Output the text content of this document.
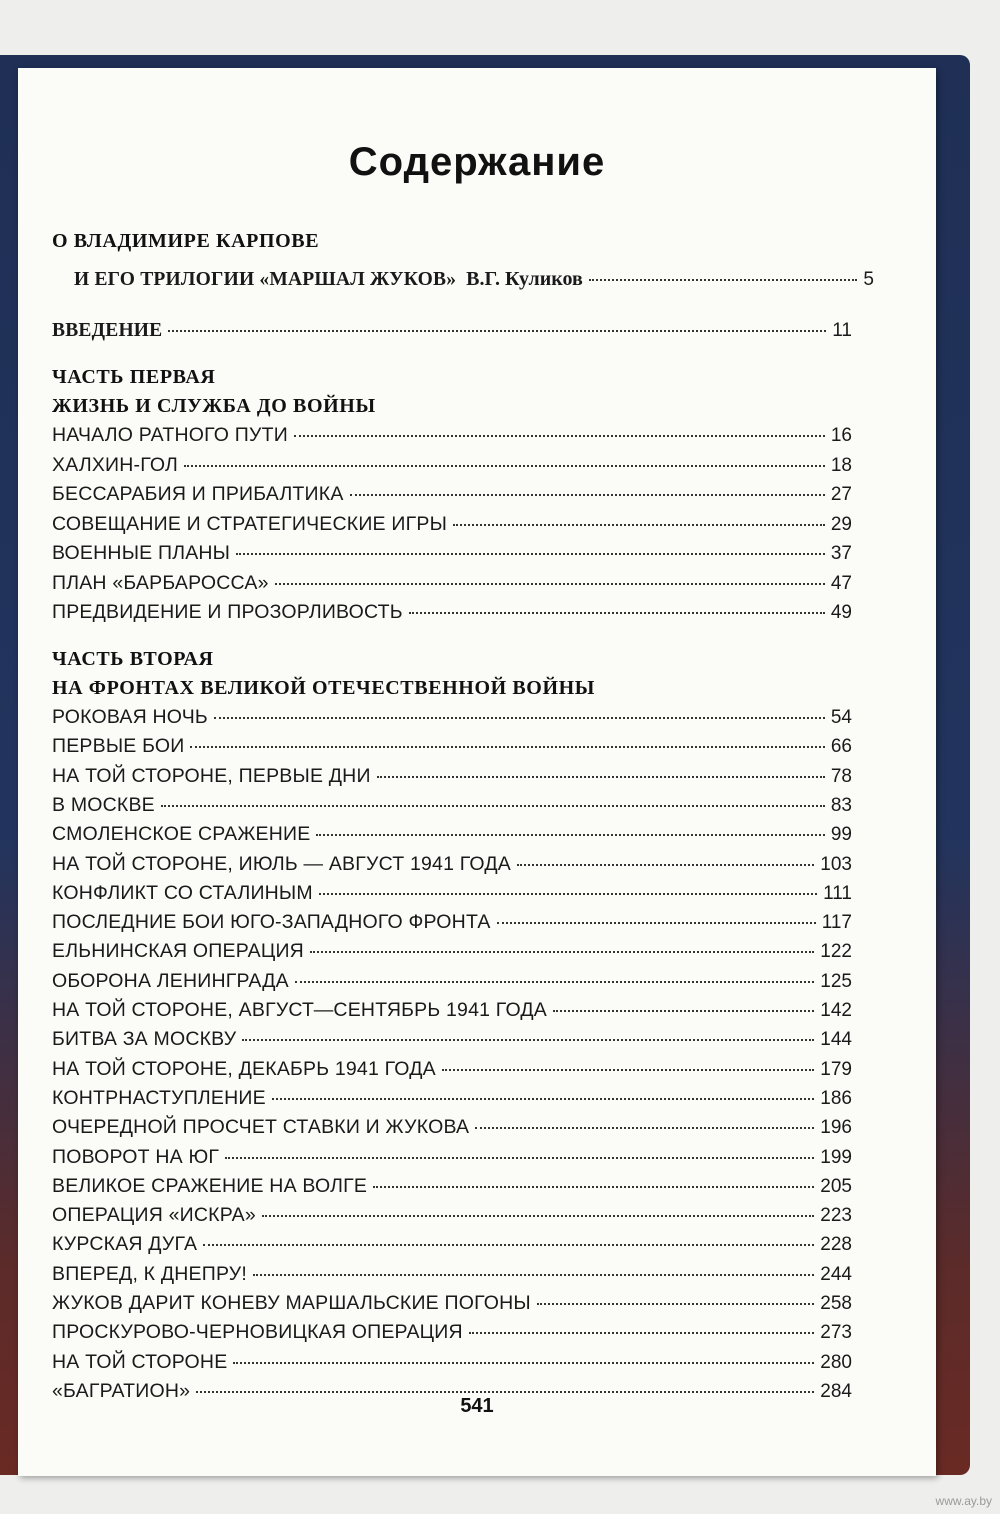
Содержание
О ВЛАДИМИРЕ КАРПОВЕ
И ЕГО ТРИЛОГИИ «МАРШАЛ ЖУКОВ» В.Г. Куликов	5
ВВЕДЕНИЕ	11
ЧАСТЬ ПЕРВАЯ
ЖИЗНЬ И СЛУЖБА ДО ВОЙНЫ
НАЧАЛО РАТНОГО ПУТИ	16
ХАЛХИН-ГОЛ	18
БЕССАРАБИЯ И ПРИБАЛТИКА	27
СОВЕЩАНИЕ И СТРАТЕГИЧЕСКИЕ ИГРЫ	29
ВОЕННЫЕ ПЛАНЫ	37
ПЛАН «БАРБАРОССА»	47
ПРЕДВИДЕНИЕ И ПРОЗОРЛИВОСТЬ	49
ЧАСТЬ ВТОРАЯ
НА ФРОНТАХ ВЕЛИКОЙ ОТЕЧЕСТВЕННОЙ ВОЙНЫ
РОКОВАЯ НОЧЬ	54
ПЕРВЫЕ БОИ	66
НА ТОЙ СТОРОНЕ, ПЕРВЫЕ ДНИ	78
В МОСКВЕ	83
СМОЛЕНСКОЕ СРАЖЕНИЕ	99
НА ТОЙ СТОРОНЕ, ИЮЛЬ — АВГУСТ 1941 ГОДА	103
КОНФЛИКТ СО СТАЛИНЫМ	111
ПОСЛЕДНИЕ БОИ ЮГО-ЗАПАДНОГО ФРОНТА	117
ЕЛЬНИНСКАЯ ОПЕРАЦИЯ	122
ОБОРОНА ЛЕНИНГРАДА	125
НА ТОЙ СТОРОНЕ, АВГУСТ—СЕНТЯБРЬ 1941 ГОДА	142
БИТВА ЗА МОСКВУ	144
НА ТОЙ СТОРОНЕ, ДЕКАБРЬ 1941 ГОДА	179
КОНТРНАСТУПЛЕНИЕ	186
ОЧЕРЕДНОЙ ПРОСЧЕТ СТАВКИ И ЖУКОВА	196
ПОВОРОТ НА ЮГ	199
ВЕЛИКОЕ СРАЖЕНИЕ НА ВОЛГЕ	205
ОПЕРАЦИЯ «ИСКРА»	223
КУРСКАЯ ДУГА	228
ВПЕРЕД, К ДНЕПРУ!	244
ЖУКОВ ДАРИТ КОНЕВУ МАРШАЛЬСКИЕ ПОГОНЫ	258
ПРОСКУРОВО-ЧЕРНОВИЦКАЯ ОПЕРАЦИЯ	273
НА ТОЙ СТОРОНЕ	280
«БАГРАТИОН»	284
541
www.ay.by
